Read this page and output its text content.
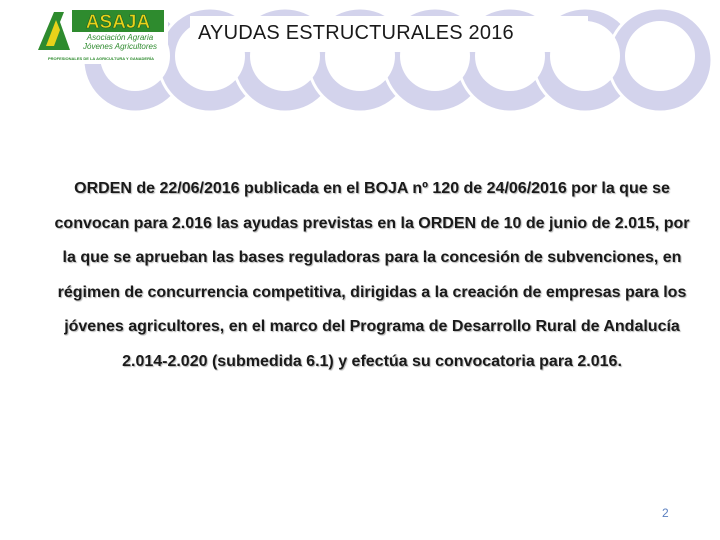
ASAJA
Asociación Agraria
Jóvenes Agricultores
PROFESIONALES DE LA AGRICULTURA Y GANADERÍA
AYUDAS ESTRUCTURALES 2016
ORDEN de 22/06/2016 publicada en el BOJA nº 120 de 24/06/2016 por la que se convocan para 2.016 las ayudas previstas en la ORDEN de 10 de junio de 2.015, por la que se aprueban las bases reguladoras para la concesión de subvenciones, en régimen de concurrencia competitiva, dirigidas a la creación de empresas para los jóvenes agricultores, en el marco del Programa de Desarrollo Rural de Andalucía 2.014-2.020 (submedida 6.1) y efectúa su convocatoria para 2.016.
2
